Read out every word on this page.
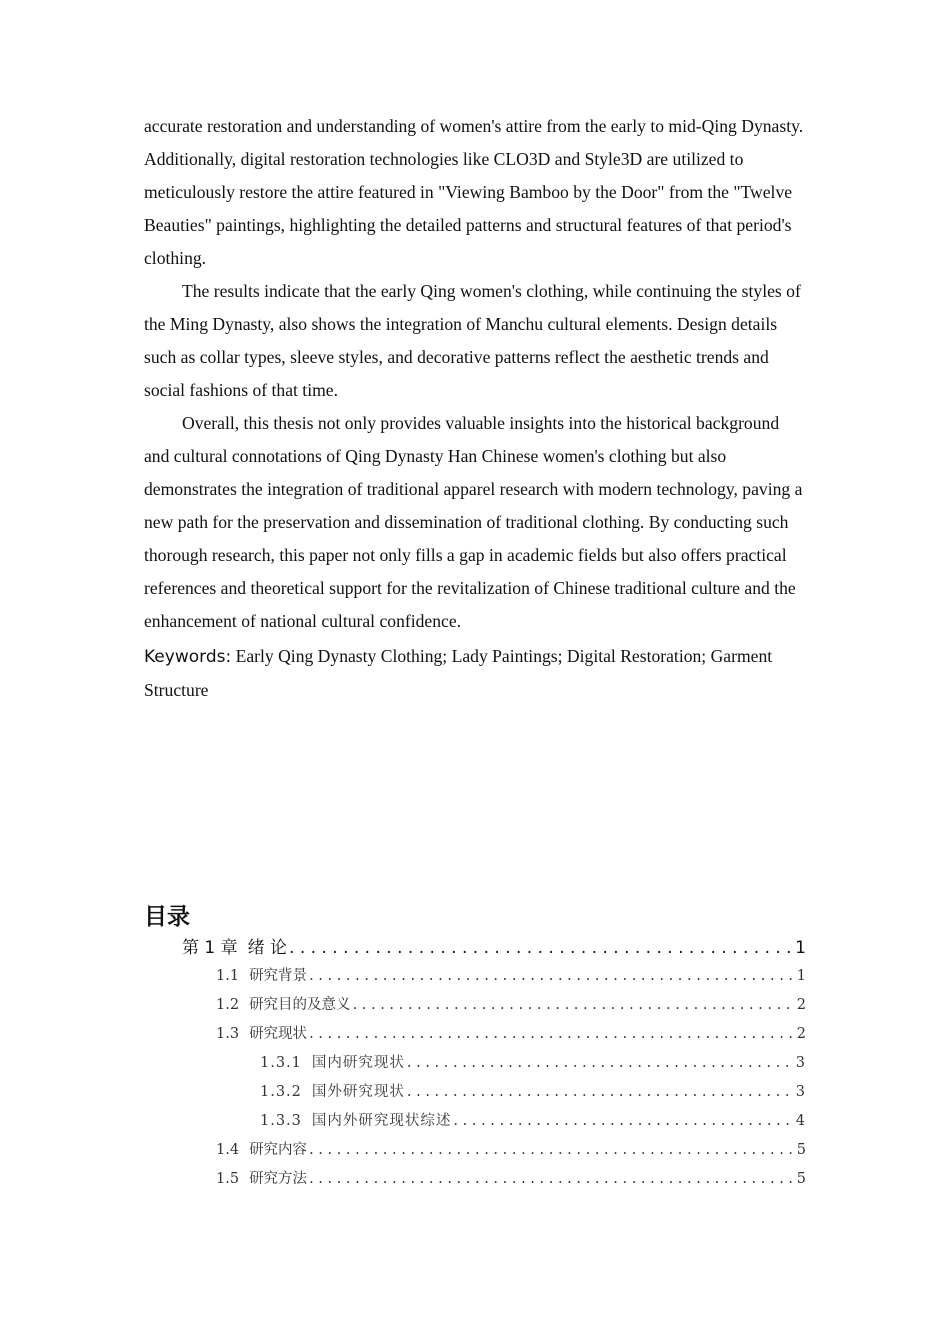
accurate restoration and understanding of women's attire from the early to mid-Qing Dynasty. Additionally, digital restoration technologies like CLO3D and Style3D are utilized to meticulously restore the attire featured in "Viewing Bamboo by the Door" from the "Twelve Beauties" paintings, highlighting the detailed patterns and structural features of that period's clothing.

The results indicate that the early Qing women's clothing, while continuing the styles of the Ming Dynasty, also shows the integration of Manchu cultural elements. Design details such as collar types, sleeve styles, and decorative patterns reflect the aesthetic trends and social fashions of that time.

Overall, this thesis not only provides valuable insights into the historical background and cultural connotations of Qing Dynasty Han Chinese women's clothing but also demonstrates the integration of traditional apparel research with modern technology, paving a new path for the preservation and dissemination of traditional clothing. By conducting such thorough research, this paper not only fills a gap in academic fields but also offers practical references and theoretical support for the revitalization of Chinese traditional culture and the enhancement of national cultural confidence.

Keywords: Early Qing Dynasty Clothing; Lady Paintings; Digital Restoration; Garment Structure

目录
第 1 章 绪 论 . . .	1
1.1 研究背景 . . .	1
1.2 研究目的及意义 . . .	2
1.3 研究现状 . . .	2
1.3.1 国内研究现状 . . .	3
1.3.2 国外研究现状 . . .	3
1.3.3 国内外研究现状综述 . . .	4
1.4 研究内容 . . .	5
1.5 研究方法 . . .	5
